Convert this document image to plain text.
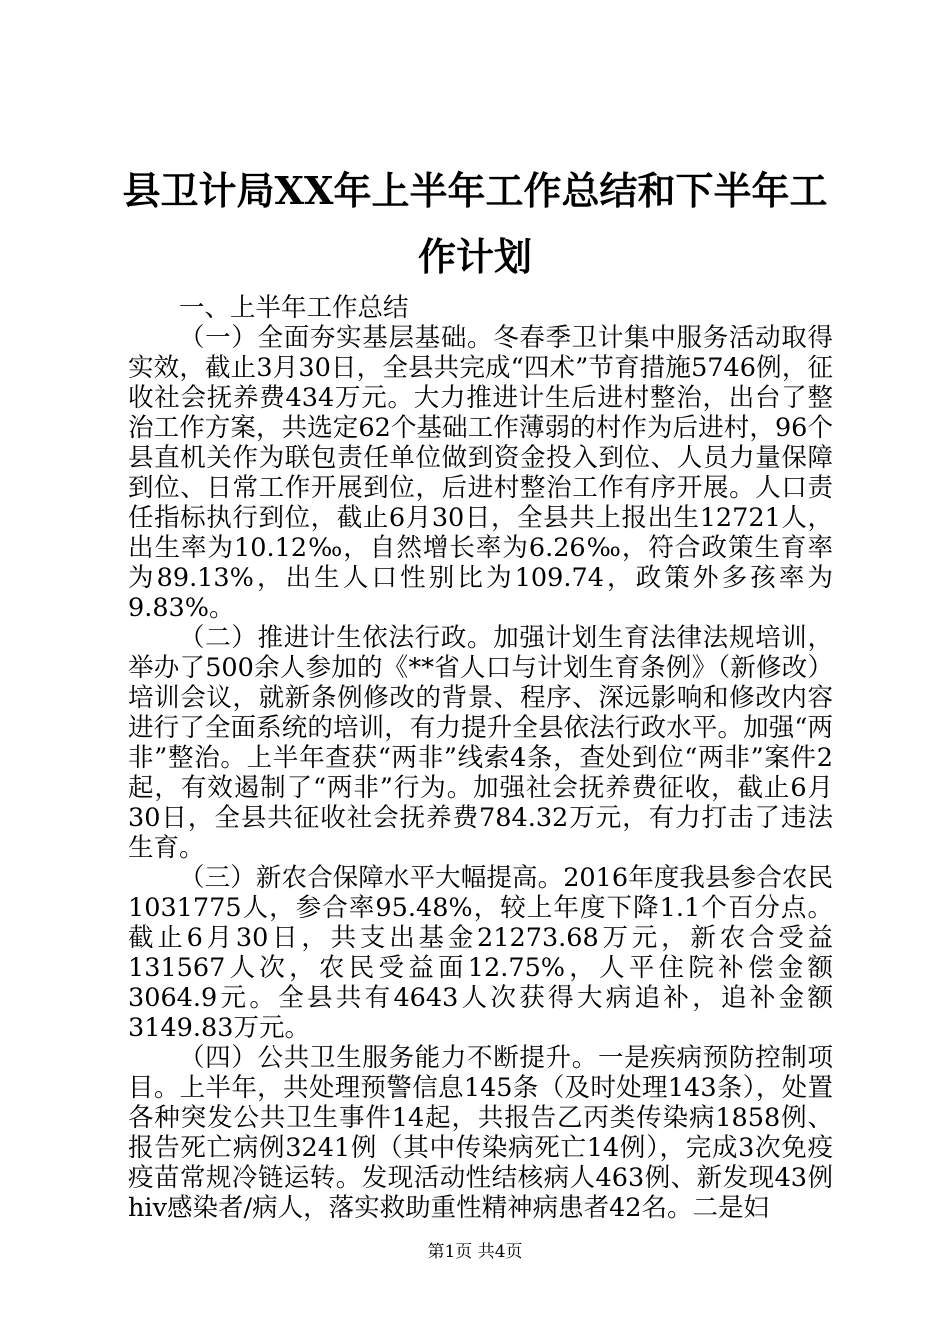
县卫计局XX年上半年工作总结和下半年工作计划

一、上半年工作总结

（一）全面夯实基层基础。冬春季卫计集中服务活动取得实效，截止3月30日，全县共完成“四术”节育措施5746例，征收社会抚养费434万元。大力推进计生后进村整治，出台了整治工作方案，共选定62个基础工作薄弱的村作为后进村，96个县直机关作为联包责任单位做到资金投入到位、人员力量保障到位、日常工作开展到位，后进村整治工作有序开展。人口责任指标执行到位，截止6月30日，全县共上报出生12721人，出生率为10.12‰，自然增长率为6.26‰，符合政策生育率为89.13%，出生人口性别比为109.74，政策外多孩率为9.83%。

（二）推进计生依法行政。加强计划生育法律法规培训，举办了500余人参加的《**省人口与计划生育条例》（新修改）培训会议，就新条例修改的背景、程序、深远影响和修改内容进行了全面系统的培训，有力提升全县依法行政水平。加强“两非”整治。上半年查获“两非”线索4条，查处到位“两非”案件2起，有效遏制了“两非”行为。加强社会抚养费征收，截止6月30日，全县共征收社会抚养费784.32万元，有力打击了违法生育。

（三）新农合保障水平大幅提高。2016年度我县参合农民1031775人，参合率95.48%，较上年度下降1.1个百分点。截止6月30日，共支出基金21273.68万元，新农合受益131567人次，农民受益面12.75%，人平住院补偿金额3064.9元。全县共有4643人次获得大病追补，追补金额3149.83万元。

（四）公共卫生服务能力不断提升。一是疾病预防控制项目。上半年，共处理预警信息145条（及时处理143条），处置各种突发公共卫生事件14起，共报告乙丙类传染病1858例、报告死亡病例3241例（其中传染病死亡14例），完成3次免疫疫苗常规冷链运转。发现活动性结核病人463例、新发现43例hiv感染者/病人，落实救助重性精神病患者42名。二是妇

第1页 共4页
